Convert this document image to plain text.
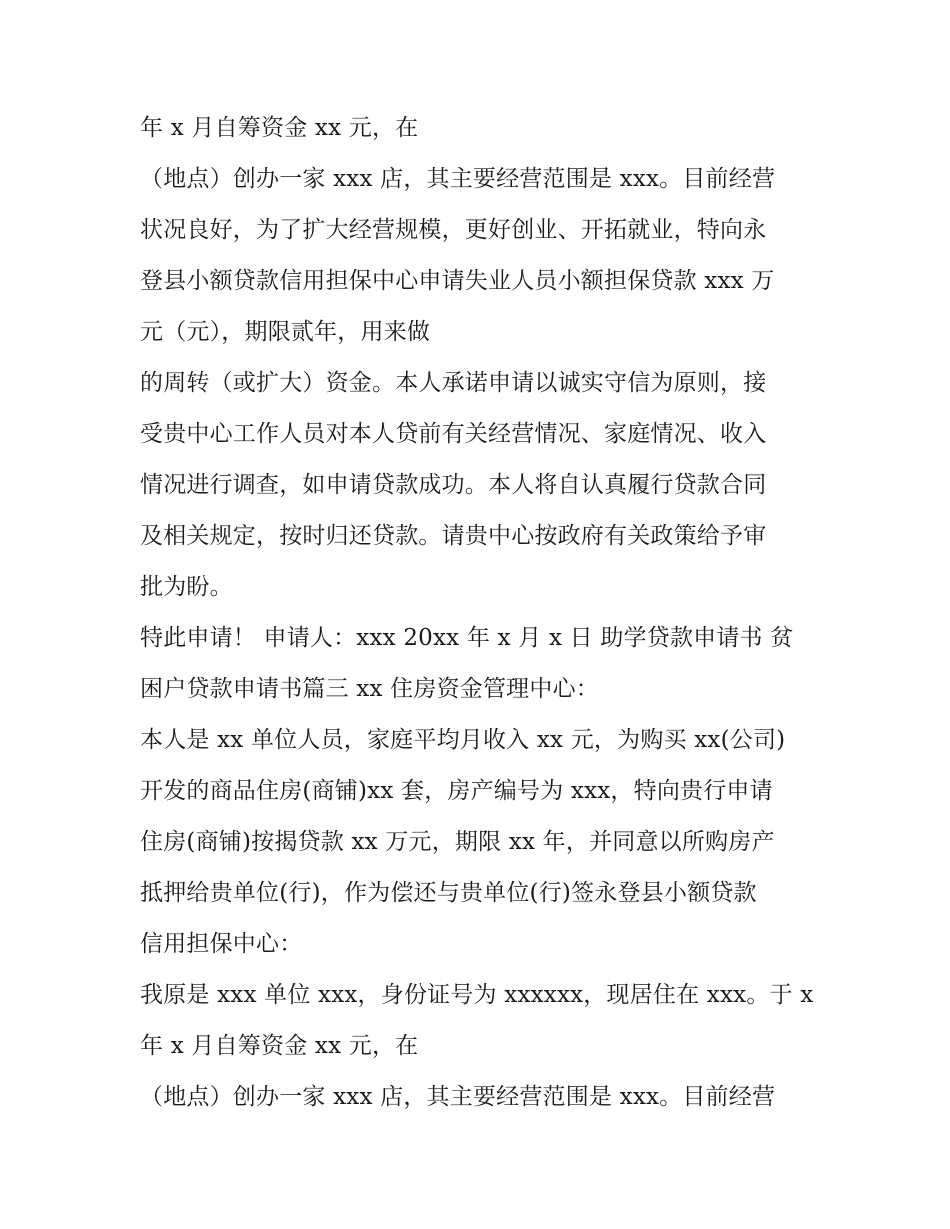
年 x 月自筹资金 xx 元，在
（地点）创办一家 xxx 店，其主要经营范围是 xxx。目前经营
状况良好，为了扩大经营规模，更好创业、开拓就业，特向永
登县小额贷款信用担保中心申请失业人员小额担保贷款 xxx 万
元（元），期限贰年，用来做
的周转（或扩大）资金。本人承诺申请以诚实守信为原则，接
受贵中心工作人员对本人贷前有关经营情况、家庭情况、收入
情况进行调查，如申请贷款成功。本人将自认真履行贷款合同
及相关规定，按时归还贷款。请贵中心按政府有关政策给予审
批为盼。
特此申请！ 申请人：xxx 20xx 年 x 月 x 日 助学贷款申请书 贫
困户贷款申请书篇三 xx 住房资金管理中心：
本人是 xx 单位人员，家庭平均月收入 xx 元，为购买 xx(公司)
开发的商品住房(商铺)xx 套，房产编号为 xxx，特向贵行申请
住房(商铺)按揭贷款 xx 万元，期限 xx 年，并同意以所购房产
抵押给贵单位(行)，作为偿还与贵单位(行)签永登县小额贷款
信用担保中心：
我原是 xxx 单位 xxx，身份证号为 xxxxxx，现居住在 xxx。于 x
年 x 月自筹资金 xx 元，在
（地点）创办一家 xxx 店，其主要经营范围是 xxx。目前经营
